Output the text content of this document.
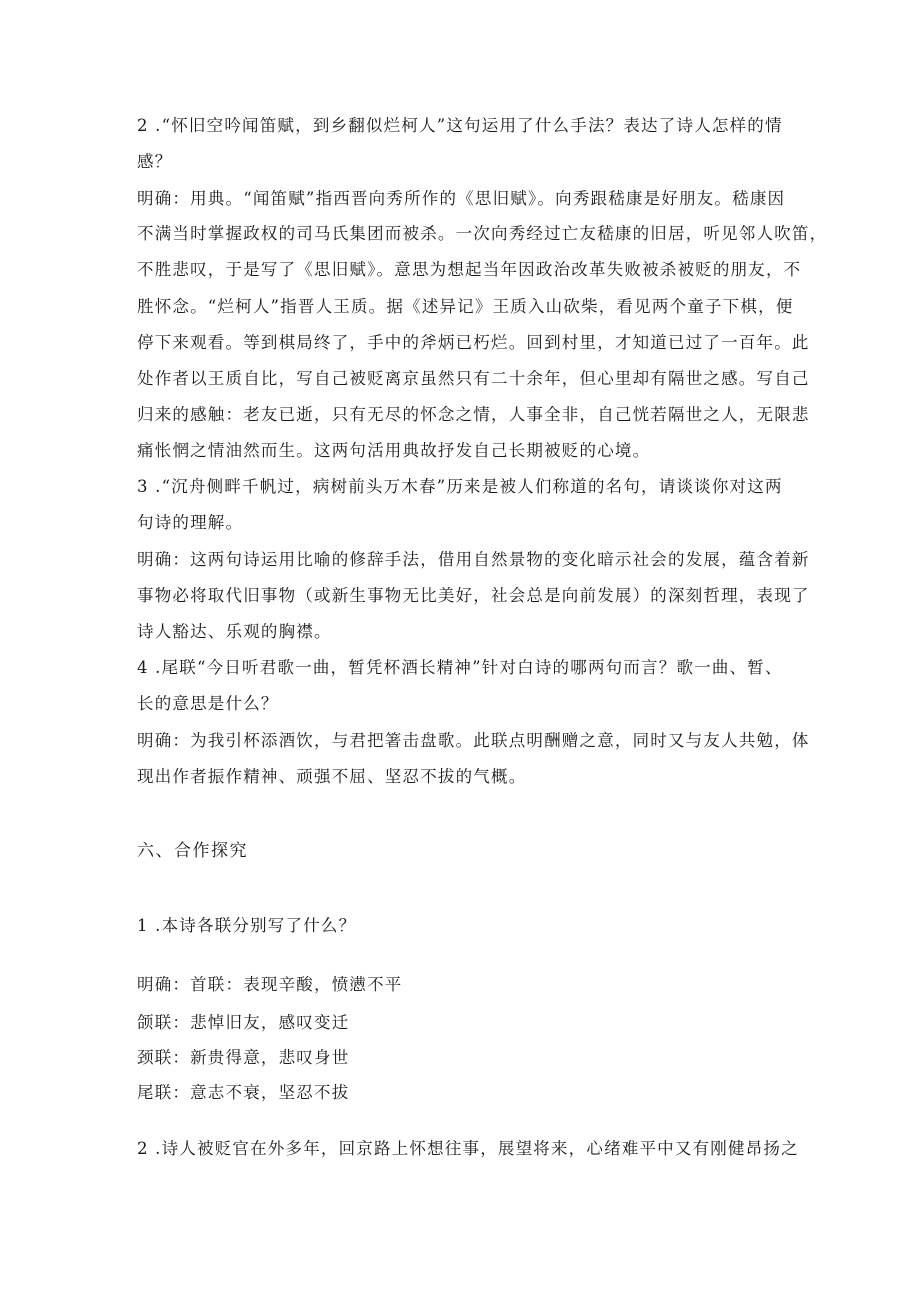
2 .“怀旧空吟闻笛赋，到乡翻似烂柯人”这句运用了什么手法？表达了诗人怎样的情
感？
明确：用典。“闻笛赋”指西晋向秀所作的《思旧赋》。向秀跟嵇康是好朋友。嵇康因
不满当时掌握政权的司马氏集团而被杀。一次向秀经过亡友嵇康的旧居，听见邻人吹笛，
不胜悲叹，于是写了《思旧赋》。意思为想起当年因政治改革失败被杀被贬的朋友，不
胜怀念。“烂柯人”指晋人王质。据《述异记》王质入山砍柴，看见两个童子下棋，便
停下来观看。等到棋局终了，手中的斧炳已朽烂。回到村里，才知道已过了一百年。此
处作者以王质自比，写自己被贬离京虽然只有二十余年，但心里却有隔世之感。写自己
归来的感触：老友已逝，只有无尽的怀念之情，人事全非，自己恍若隔世之人，无限悲
痛怅惘之情油然而生。这两句活用典故抒发自己长期被贬的心境。
3 .“沉舟侧畔千帆过，病树前头万木春”历来是被人们称道的名句，请谈谈你对这两
句诗的理解。
明确：这两句诗运用比喻的修辞手法，借用自然景物的变化暗示社会的发展，蕴含着新
事物必将取代旧事物（或新生事物无比美好，社会总是向前发展）的深刻哲理，表现了
诗人豁达、乐观的胸襟。
4 .尾联“今日听君歌一曲，暂凭杯酒长精神”针对白诗的哪两句而言？歌一曲、暂、
长的意思是什么？
明确：为我引杯添酒饮，与君把箸击盘歌。此联点明酬赠之意，同时又与友人共勉，体
现出作者振作精神、顽强不屈、坚忍不拔的气概。
六、合作探究
1 .本诗各联分别写了什么？
明确：首联：表现辛酸，愤懑不平
颌联：悲悼旧友，感叹变迁
颈联：新贵得意，悲叹身世
尾联：意志不衰，坚忍不拔
2 .诗人被贬官在外多年，回京路上怀想往事，展望将来，心绪难平中又有刚健昂扬之
